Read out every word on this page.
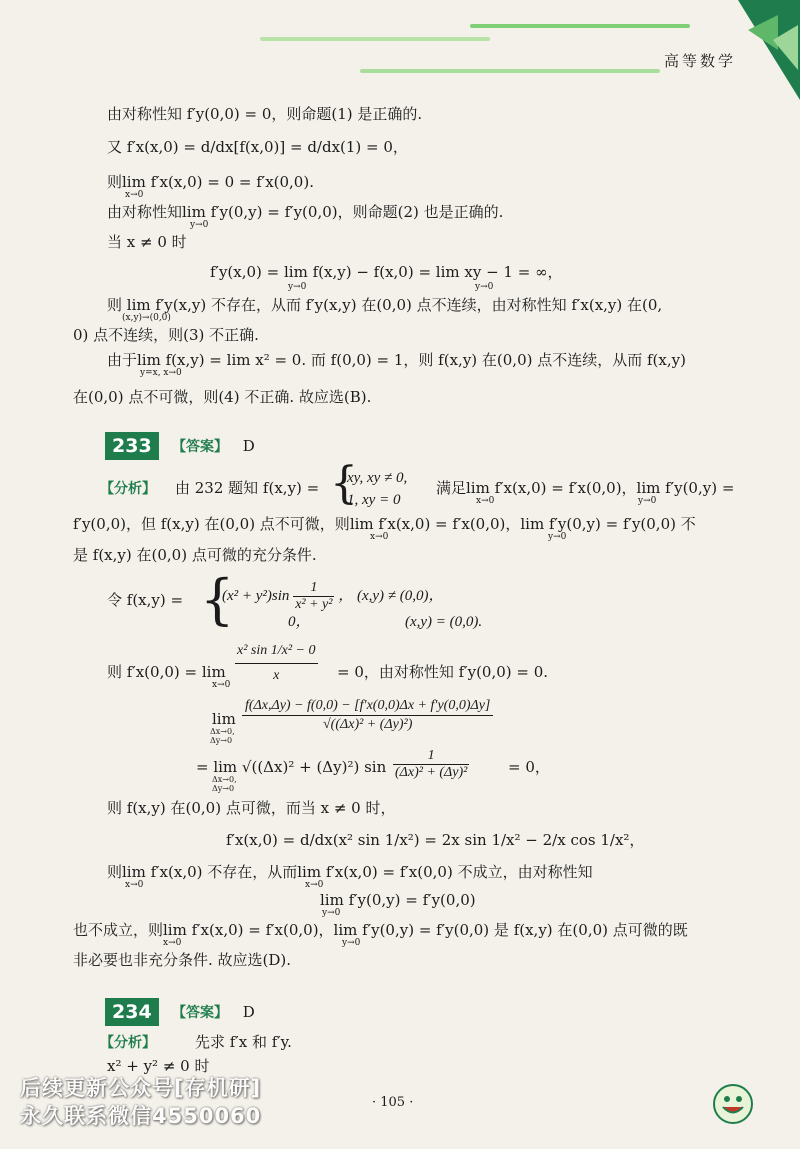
高等数学
由对称性知 f′y(0,0) = 0，则命题(1) 是正确的.
又 f′x(x,0) = d/dx[f(x,0)] = d/dx(1) = 0，
则lim f′x(x,0) = 0 = f′x(0,0).
x→0
由对称性知lim f′y(0,y) = f′y(0,0)，则命题(2) 也是正确的.
y→0
当 x ≠ 0 时
f′y(x,0) = lim f(x,y) − f(x,0) = lim xy − 1 = ∞，
y→0	y→0
则 lim f′y(x,y) 不存在，从而 f′y(x,y) 在(0,0) 点不连续，由对称性知 f′x(x,y) 在(0,
(x,y)→(0,0)
0) 点不连续，则(3) 不正确.
由于lim f(x,y) = lim x² = 0. 而 f(0,0) = 1，则 f(x,y) 在(0,0) 点不连续，从而 f(x,y)
y=x, x→0
在(0,0) 点不可微，则(4) 不正确. 故应选(B).
233	【答案】 D
【分析】 由 232 题知 f(x,y) = {
xy, xy ≠ 0,
1, xy = 0
满足lim f′x(x,0) = f′x(0,0)，lim f′y(0,y) =
x→0	y→0
f′y(0,0)，但 f(x,y) 在(0,0) 点不可微，则lim f′x(x,0) = f′x(0,0)，lim f′y(0,y) = f′y(0,0) 不
x→0	y→0
是 f(x,y) 在(0,0) 点可微的充分条件.
令 f(x,y) = {
$(x^2 + y^2)\sin \frac{1}{\text{x² + y²}}$ ， (x,y) ≠ (0,0)，
0，	(x,y) = (0,0).
则 f′x(0,0) = lim
x→0
$\frac{\text{x² sin 1/x² − 0}}{x} = 0$，由对称性知 f′y(0,0) = 0.
lim
Δx→0, Δy→0
f(Δx,Δy) − f(0,0) − [f′x(0,0)Δx + f′y(0,0)Δy]
√((Δx)² + (Δy)²)
= lim √((Δx)² + (Δy)²) sin
Δx→0, Δy→0
$\frac{1}{\text{(Δx)² + (Δy)²}}$	= 0，
则 f(x,y) 在(0,0) 点可微，而当 x ≠ 0 时，
f′x(x,0) = d/dx(x² sin 1/x²) = 2x sin 1/x² − 2/x cos 1/x²，
则lim f′x(x,0) 不存在，从而lim f′x(x,0) = f′x(0,0) 不成立，由对称性知
x→0	x→0
lim f′y(0,y) = f′y(0,0)
y→0
也不成立，则lim f′x(x,0) = f′x(0,0)，lim f′y(0,y) = f′y(0,0) 是 f(x,y) 在(0,0) 点可微的既
x→0	y→0
非必要也非充分条件. 故应选(D).
234	【答案】 D
【分析】	先求 f′x 和 f′y.
x² + y² ≠ 0 时
· 105 ·
后续更新公众号[存机研]
永久联系微信4550060
